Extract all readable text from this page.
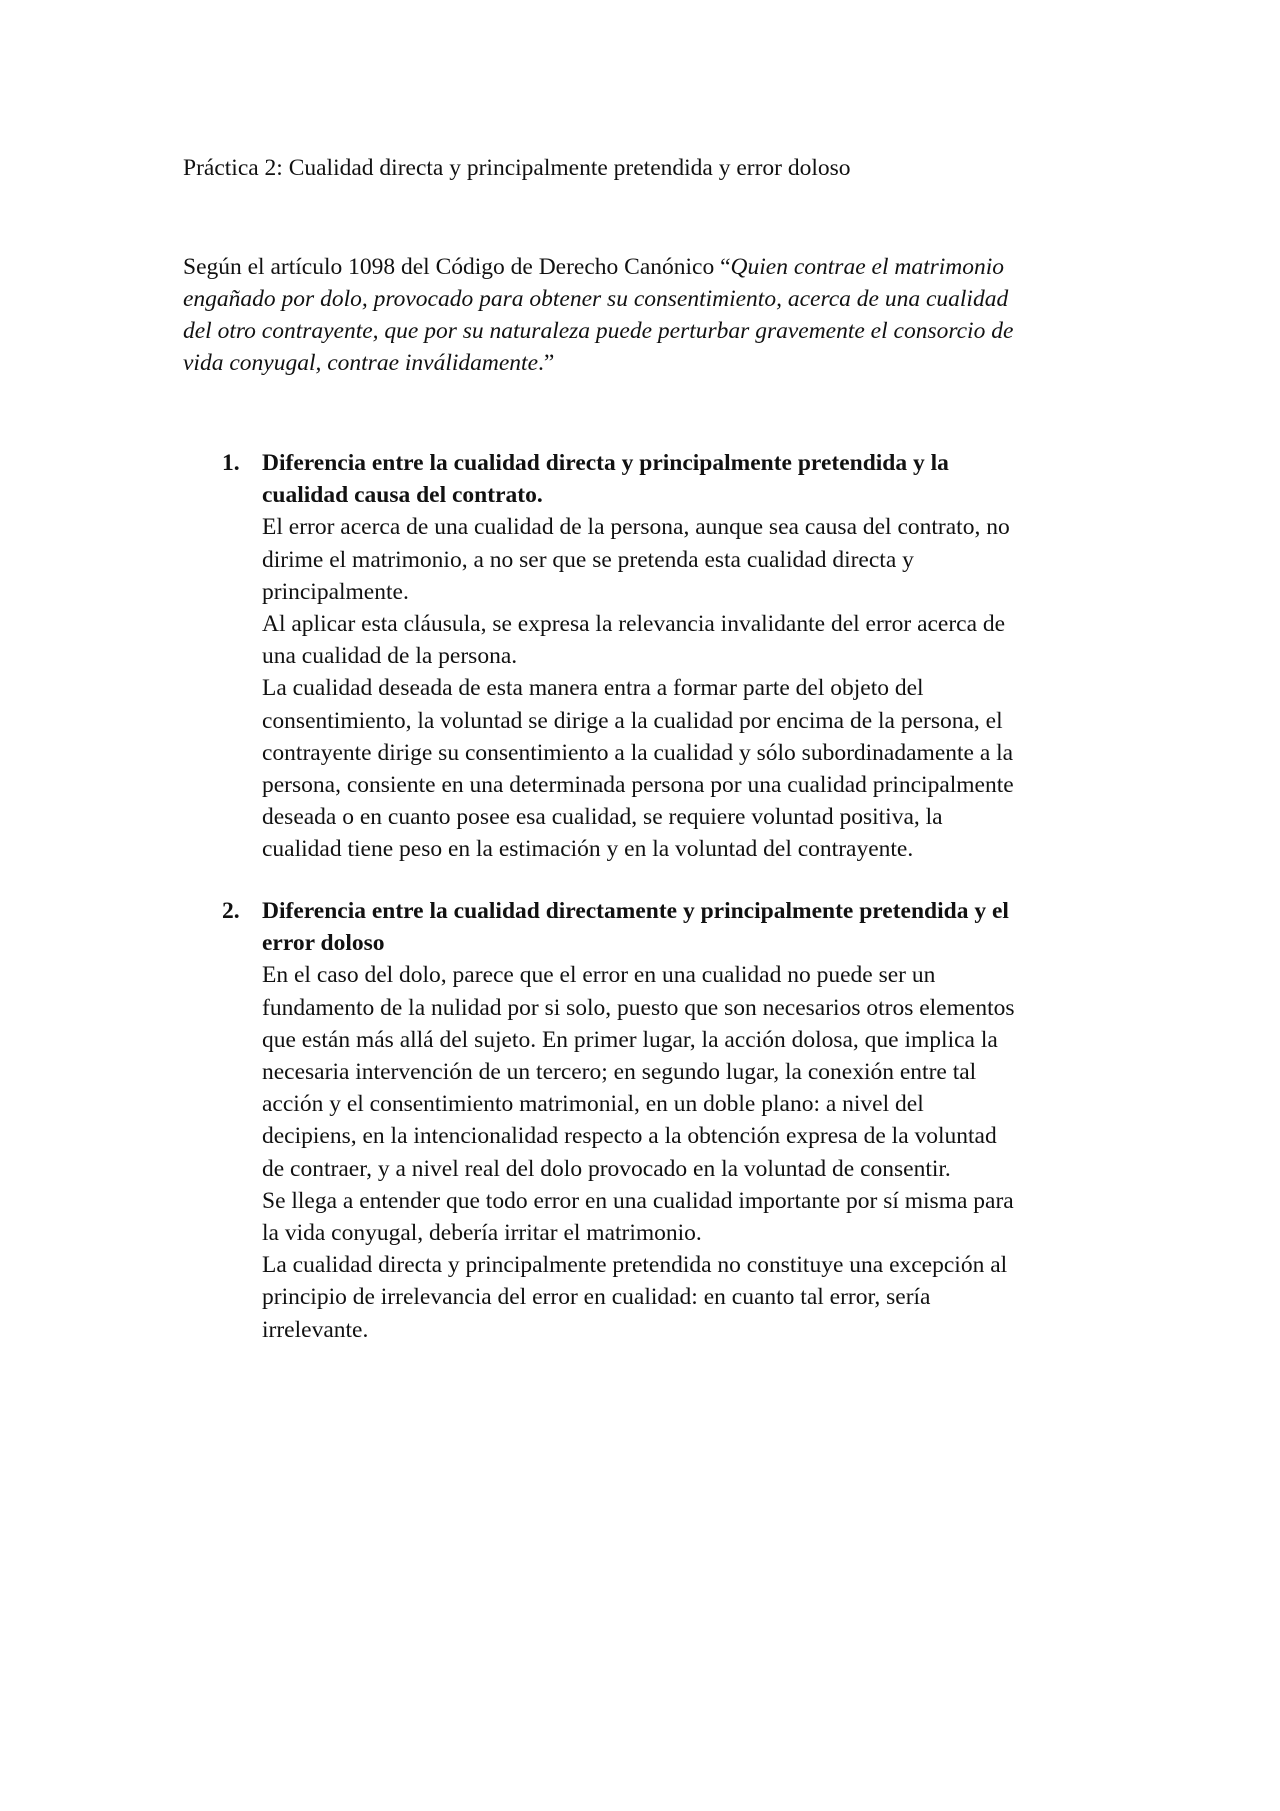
Práctica 2: Cualidad directa y principalmente pretendida y error doloso
Según el artículo 1098 del Código de Derecho Canónico “Quien contrae el matrimonio
engañado por dolo, provocado para obtener su consentimiento, acerca de una cualidad
del otro contrayente, que por su naturaleza puede perturbar gravemente el consorcio de
vida conyugal, contrae inválidamente.”
1. Diferencia entre la cualidad directa y principalmente pretendida y la
cualidad causa del contrato.
El error acerca de una cualidad de la persona, aunque sea causa del contrato, no
dirime el matrimonio, a no ser que se pretenda esta cualidad directa y
principalmente.
Al aplicar esta cláusula, se expresa la relevancia invalidante del error acerca de
una cualidad de la persona.
La cualidad deseada de esta manera entra a formar parte del objeto del
consentimiento, la voluntad se dirige a la cualidad por encima de la persona, el
contrayente dirige su consentimiento a la cualidad y sólo subordinadamente a la
persona, consiente en una determinada persona por una cualidad principalmente
deseada o en cuanto posee esa cualidad, se requiere voluntad positiva, la
cualidad tiene peso en la estimación y en la voluntad del contrayente.
2. Diferencia entre la cualidad directamente y principalmente pretendida y el
error doloso
En el caso del dolo, parece que el error en una cualidad no puede ser un
fundamento de la nulidad por si solo, puesto que son necesarios otros elementos
que están más allá del sujeto. En primer lugar, la acción dolosa, que implica la
necesaria intervención de un tercero; en segundo lugar, la conexión entre tal
acción y el consentimiento matrimonial, en un doble plano: a nivel del
decipiens, en la intencionalidad respecto a la obtención expresa de la voluntad
de contraer, y a nivel real del dolo provocado en la voluntad de consentir.
Se llega a entender que todo error en una cualidad importante por sí misma para
la vida conyugal, debería irritar el matrimonio.
La cualidad directa y principalmente pretendida no constituye una excepción al
principio de irrelevancia del error en cualidad: en cuanto tal error, sería
irrelevante.
